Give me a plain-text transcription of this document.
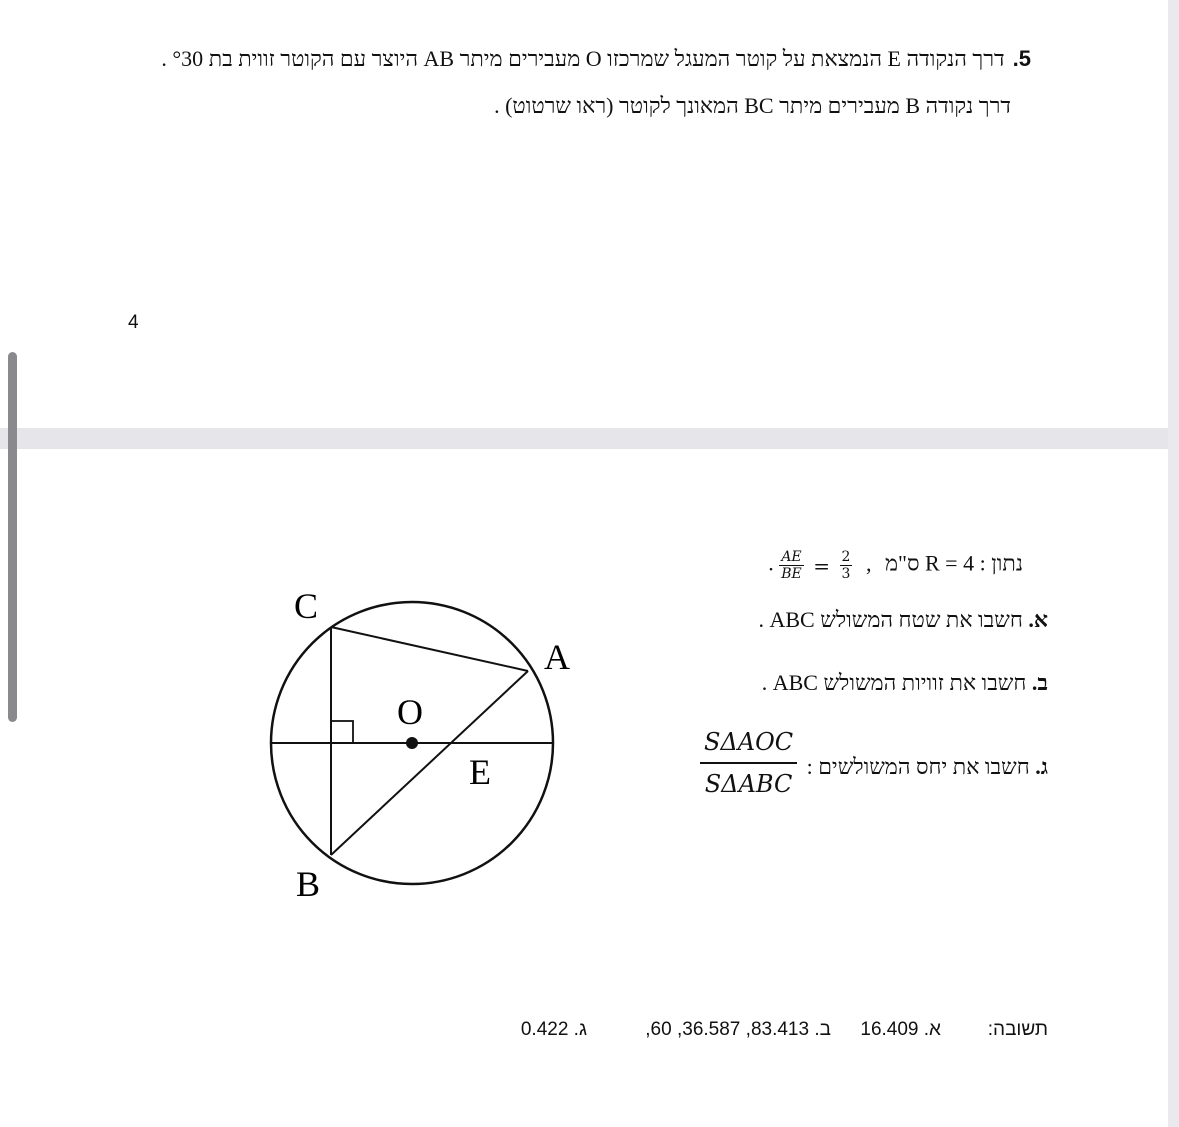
5.דרך הנקודה E הנמצאת על קוטר המעגל שמרכזו O מעבירים מיתר AB היוצר עם הקוטר זווית בת °30 .
דרך נקודה B מעבירים מיתר BC המאונך לקוטר (ראו שרטוט) .
4
C
A
O
E
B
נתון : R = 4 ס"מ ,
$\frac{2}{3}$
=
$\frac{AE}{BE}$
.
א. חשבו את שטח המשולש ABC .
ב. חשבו את זוויות המשולש ABC .
ג. חשבו את יחס המשולשים :
SΔAOC
SΔABC
תשובה:
א. 16.409
ב. 83.413, 36.587, 60,
ג. 0.422
